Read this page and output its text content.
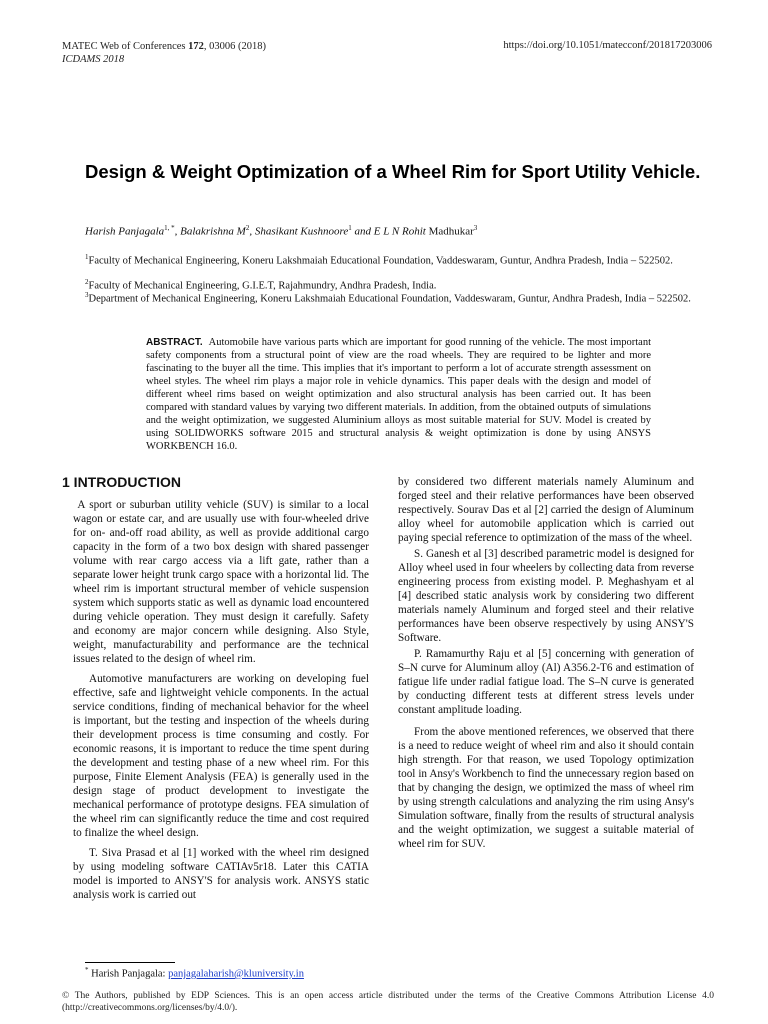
MATEC Web of Conferences 172, 03006 (2018)
ICDAMS 2018
https://doi.org/10.1051/matecconf/201817203006
Design & Weight Optimization of a Wheel Rim for Sport Utility Vehicle.
Harish Panjagala$^{1, *}$, Balakrishna $M^2$, Shasikant Kushnoore$^1$ and E L N Rohit Madhukar$^3$
$^1$Faculty of Mechanical Engineering, Koneru Lakshmaiah Educational Foundation, Vaddeswaram, Guntur, Andhra Pradesh, India – 522502.
$^2$Faculty of Mechanical Engineering, G.I.E.T, Rajahmundry, Andhra Pradesh, India.
$^3$Department of Mechanical Engineering, Koneru Lakshmaiah Educational Foundation, Vaddeswaram, Guntur, Andhra Pradesh, India – 522502.
ABSTRACT. Automobile have various parts which are important for good running of the vehicle. The most important safety components from a structural point of view are the road wheels. They are required to be lighter and more fascinating to the buyer all the time. This implies that it's important to perform a lot of accurate strength assessment on wheel styles. The wheel rim plays a major role in vehicle dynamics. This paper deals with the design and model of different wheel rims based on weight optimization and also structural analysis has been carried out. It has been compared with standard values by varying two different materials. In addition, from the obtained outputs of simulations and the weight optimization, we suggested Aluminium alloys as most suitable material for SUV. Model is created by using SOLIDWORKS software 2015 and structural analysis & weight optimization is done by using ANSYS WORKBENCH 16.0.
1 INTRODUCTION

A sport or suburban utility vehicle (SUV) is similar to a local wagon or estate car, and are usually use with four-wheeled drive for on- and-off road ability, as well as provide additional cargo capacity in the form of a two box design with shared passenger volume with rear cargo access via a lift gate, rather than a separate lower height trunk cargo space with a horizontal lid. The wheel rim is important structural member of vehicle suspension system which supports static as well as dynamic load encountered during vehicle operation. They must design it carefully. Safety and economy are major concern while designing. Also Style, weight, manufacturability and performance are the technical issues related to the design of wheel rim.

Automotive manufacturers are working on developing fuel effective, safe and lightweight vehicle components. In the actual service conditions, finding of mechanical behavior for the wheel is important, but the testing and inspection of the wheels during their development process is time consuming and costly. For economic reasons, it is important to reduce the time spent during the development and testing phase of a new wheel rim. For this purpose, Finite Element Analysis (FEA) is generally used in the design stage of product development to investigate the mechanical performance of prototype designs. FEA simulation of the wheel rim can significantly reduce the time and cost required to finalize the wheel design.

T. Siva Prasad et al [1] worked with the wheel rim designed by using modeling software CATIAv5r18. Later this CATIA model is imported to ANSY'S for analysis work. ANSYS static analysis work is carried out

by considered two different materials namely Aluminum and forged steel and their relative performances have been observed respectively. Sourav Das et al [2] carried the design of Aluminum alloy wheel for automobile application which is carried out paying special reference to optimization of the mass of the wheel.

S. Ganesh et al [3] described parametric model is designed for Alloy wheel used in four wheelers by collecting data from reverse engineering process from existing model. P. Meghashyam et al [4] described static analysis work by considering two different materials namely Aluminum and forged steel and their relative performances have been observe respectively by using ANSY'S Software.

P. Ramamurthy Raju et al [5] concerning with generation of S–N curve for Aluminum alloy (Al) A356.2-T6 and estimation of fatigue life under radial fatigue load. The S–N curve is generated by conducting different tests at different stress levels under constant amplitude loading.

From the above mentioned references, we observed that there is a need to reduce weight of wheel rim and also it should contain high strength. For that reason, we used Topology optimization tool in Ansy's Workbench to find the unnecessary region based on that by changing the design, we optimized the mass of wheel rim by using strength calculations and analyzing the rim using Ansy's Simulation software, finally from the results of structural analysis and the weight optimization, we suggest a suitable material of wheel rim for SUV.

* Harish Panjagala: panjagalaharish@kluniversity.in
© The Authors, published by EDP Sciences. This is an open access article distributed under the terms of the Creative Commons Attribution License 4.0 (http://creativecommons.org/licenses/by/4.0/).
